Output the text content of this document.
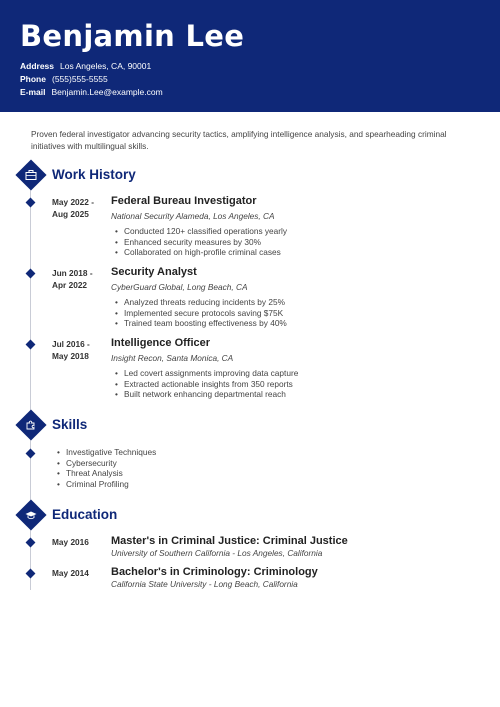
Benjamin Lee
Address Los Angeles, CA, 90001
Phone (555)555-5555
E-mail Benjamin.Lee@example.com
Proven federal investigator advancing security tactics, amplifying intelligence analysis, and spearheading criminal initiatives with multilingual skills.
Work History
May 2022 -
Aug 2025
Federal Bureau Investigator
National Security Alameda, Los Angeles, CA
• Conducted 120+ classified operations yearly
• Enhanced security measures by 30%
• Collaborated on high-profile criminal cases
Jun 2018 -
Apr 2022
Security Analyst
CyberGuard Global, Long Beach, CA
• Analyzed threats reducing incidents by 25%
• Implemented secure protocols saving $75K
• Trained team boosting effectiveness by 40%
Jul 2016 -
May 2018
Intelligence Officer
Insight Recon, Santa Monica, CA
• Led covert assignments improving data capture
• Extracted actionable insights from 350 reports
• Built network enhancing departmental reach
Skills
• Investigative Techniques
• Cybersecurity
• Threat Analysis
• Criminal Profiling
Education
May 2016 Master's in Criminal Justice: Criminal Justice
University of Southern California - Los Angeles, California
May 2014 Bachelor's in Criminology: Criminology
California State University - Long Beach, California
